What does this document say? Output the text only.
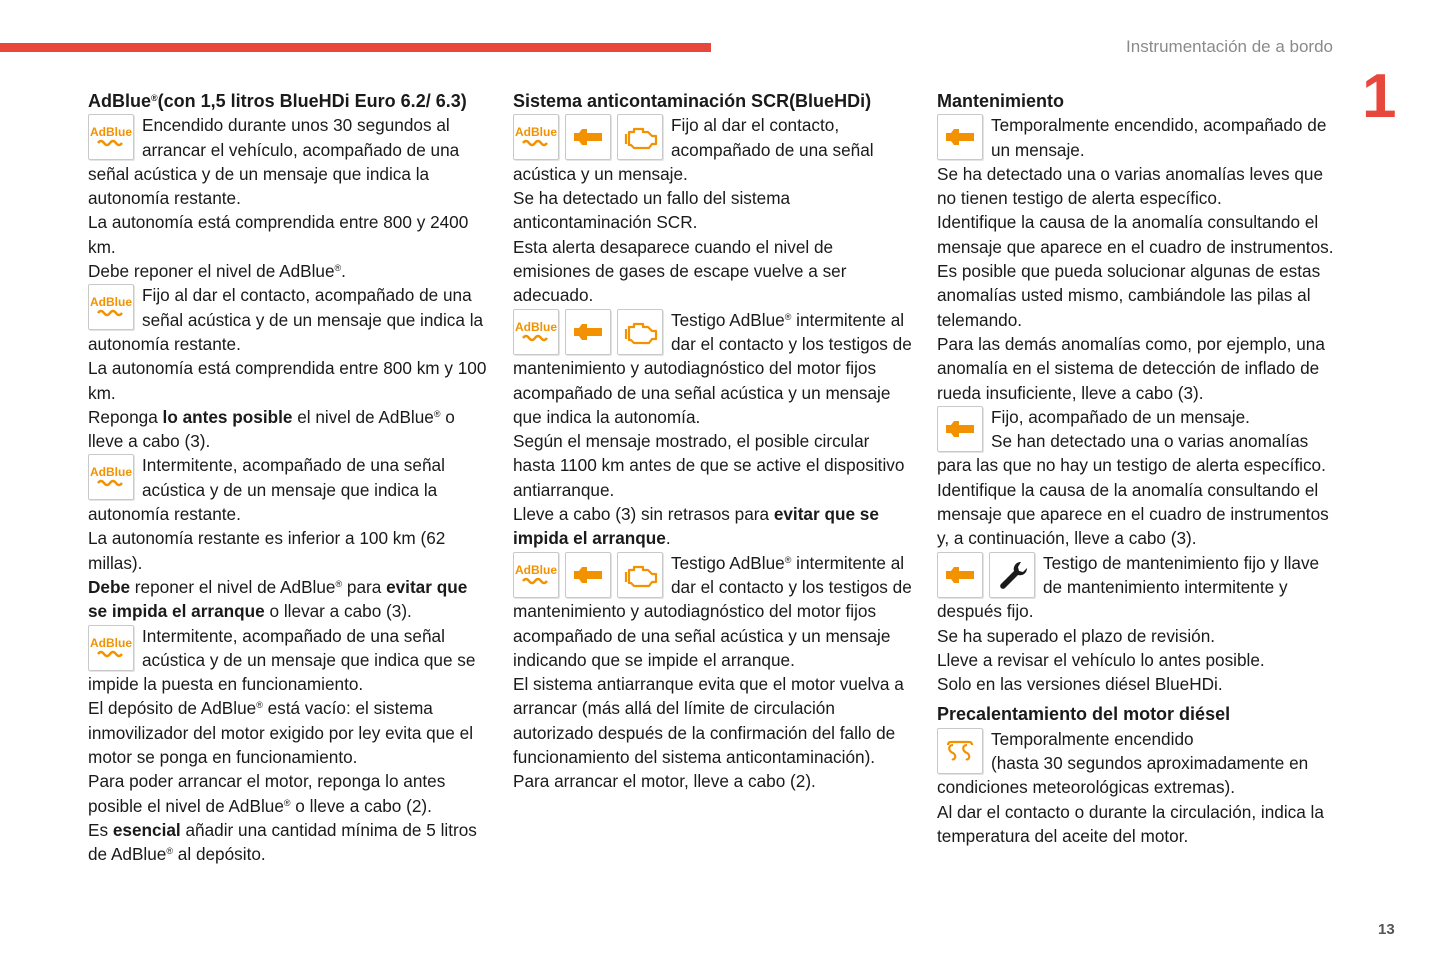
Instrumentación de a bordo
1
13
AdBlue®(con 1,5 litros BlueHDi Euro 6.2/ 6.3)
AdBlue Encendido durante unos 30 segundos al arrancar el vehículo, acompañado de una señal acústica y de un mensaje que indica la autonomía restante.

La autonomía está comprendida entre 800 y 2400 km.

Debe reponer el nivel de AdBlue®.

AdBlue Fijo al dar el contacto, acompañado de una señal acústica y de un mensaje que indica la autonomía restante.

La autonomía está comprendida entre 800 km y 100 km.

Reponga lo antes posible el nivel de AdBlue® o lleve a cabo (3).

AdBlue Intermitente, acompañado de una señal acústica y de un mensaje que indica la autonomía restante.

La autonomía restante es inferior a 100 km (62 millas).

Debe reponer el nivel de AdBlue® para evitar que se impida el arranque o llevar a cabo (3).

AdBlue Intermitente, acompañado de una señal acústica y de un mensaje que indica que se impide la puesta en funcionamiento.

El depósito de AdBlue® está vacío: el sistema inmovilizador del motor exigido por ley evita que el motor se ponga en funcionamiento.

Para poder arrancar el motor, reponga lo antes posible el nivel de AdBlue® o lleve a cabo (2).

Es esencial añadir una cantidad mínima de 5 litros de AdBlue® al depósito.

Sistema anticontaminación SCR(BlueHDi)
AdBlue	Fijo al dar el contacto, acompañado de una señal acústica y un mensaje.

Se ha detectado un fallo del sistema anticontaminación SCR.

Esta alerta desaparece cuando el nivel de emisiones de gases de escape vuelve a ser adecuado.

AdBlue	Testigo AdBlue® intermitente al dar el contacto y los testigos de mantenimiento y autodiagnóstico del motor fijos acompañado de una señal acústica y un mensaje que indica la autonomía.

Según el mensaje mostrado, el posible circular hasta 1100 km antes de que se active el dispositivo antiarranque.

Lleve a cabo (3) sin retrasos para evitar que se impida el arranque.

AdBlue	Testigo AdBlue® intermitente al dar el contacto y los testigos de mantenimiento y autodiagnóstico del motor fijos acompañado de una señal acústica y un mensaje indicando que se impide el arranque.

El sistema antiarranque evita que el motor vuelva a arrancar (más allá del límite de circulación autorizado después de la confirmación del fallo de funcionamiento del sistema anticontaminación).

Para arrancar el motor, lleve a cabo (2).

Mantenimiento

Temporalmente encendido, acompañado de un mensaje.

Se ha detectado una o varias anomalías leves que no tienen testigo de alerta específico.

Identifique la causa de la anomalía consultando el mensaje que aparece en el cuadro de instrumentos.

Es posible que pueda solucionar algunas de estas anomalías usted mismo, cambiándole las pilas al telemando.

Para las demás anomalías como, por ejemplo, una anomalía en el sistema de detección de inflado de rueda insuficiente, lleve a cabo (3).

Fijo, acompañado de un mensaje.

Se han detectado una o varias anomalías para las que no hay un testigo de alerta específico.

Identifique la causa de la anomalía consultando el mensaje que aparece en el cuadro de instrumentos y, a continuación, lleve a cabo (3).

Testigo de mantenimiento fijo y llave de mantenimiento intermitente y después fijo.

Se ha superado el plazo de revisión.

Lleve a revisar el vehículo lo antes posible.

Solo en las versiones diésel BlueHDi.

Precalentamiento del motor diésel

Temporalmente encendido

(hasta 30 segundos aproximadamente en condiciones meteorológicas extremas).

Al dar el contacto o durante la circulación, indica la temperatura del aceite del motor.
